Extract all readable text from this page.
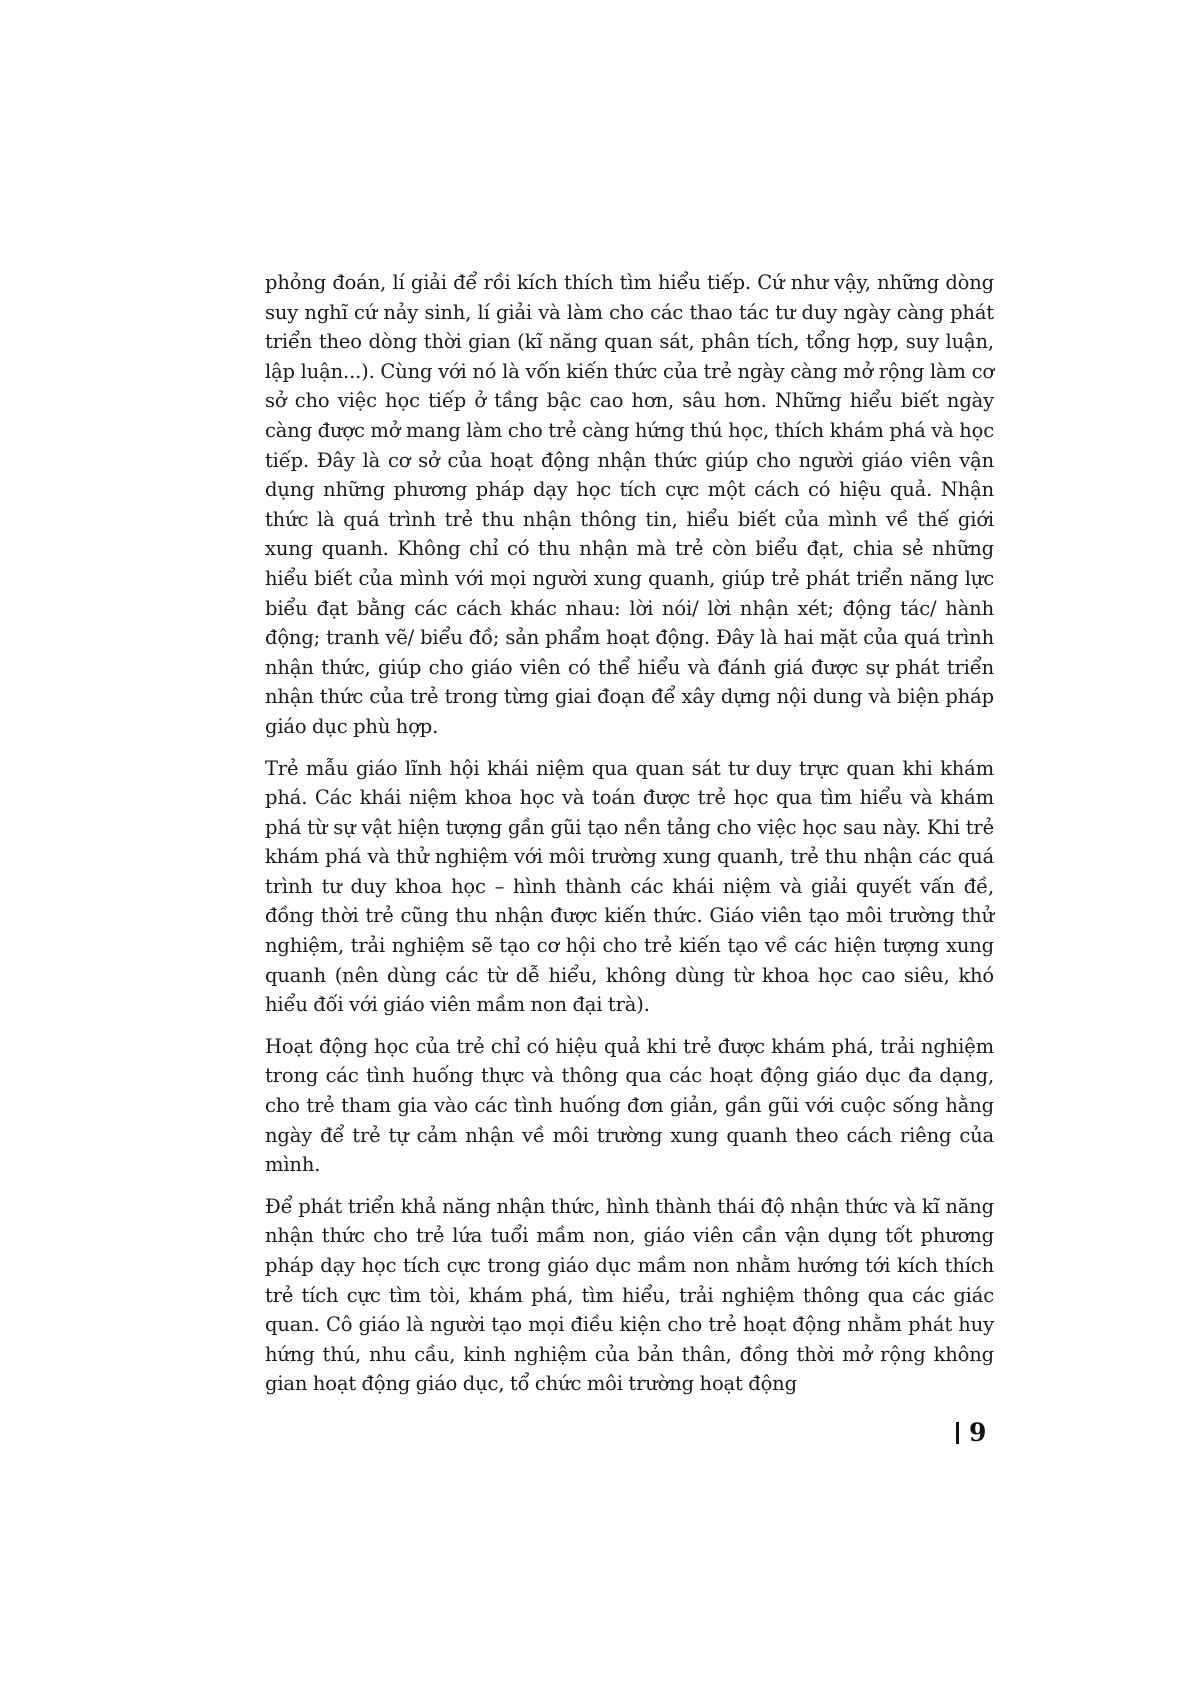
phỏng đoán, lí giải để rồi kích thích tìm hiểu tiếp. Cứ như vậy, những dòng suy nghĩ cứ nảy sinh, lí giải và làm cho các thao tác tư duy ngày càng phát triển theo dòng thời gian (kĩ năng quan sát, phân tích, tổng hợp, suy luận, lập luận...). Cùng với nó là vốn kiến thức của trẻ ngày càng mở rộng làm cơ sở cho việc học tiếp ở tầng bậc cao hơn, sâu hơn. Những hiểu biết ngày càng được mở mang làm cho trẻ càng hứng thú học, thích khám phá và học tiếp. Đây là cơ sở của hoạt động nhận thức giúp cho người giáo viên vận dụng những phương pháp dạy học tích cực một cách có hiệu quả. Nhận thức là quá trình trẻ thu nhận thông tin, hiểu biết của mình về thế giới xung quanh. Không chỉ có thu nhận mà trẻ còn biểu đạt, chia sẻ những hiểu biết của mình với mọi người xung quanh, giúp trẻ phát triển năng lực biểu đạt bằng các cách khác nhau: lời nói/ lời nhận xét; động tác/ hành động; tranh vẽ/ biểu đồ; sản phẩm hoạt động. Đây là hai mặt của quá trình nhận thức, giúp cho giáo viên có thể hiểu và đánh giá được sự phát triển nhận thức của trẻ trong từng giai đoạn để xây dựng nội dung và biện pháp giáo dục phù hợp.

Trẻ mẫu giáo lĩnh hội khái niệm qua quan sát tư duy trực quan khi khám phá. Các khái niệm khoa học và toán được trẻ học qua tìm hiểu và khám phá từ sự vật hiện tượng gần gũi tạo nền tảng cho việc học sau này. Khi trẻ khám phá và thử nghiệm với môi trường xung quanh, trẻ thu nhận các quá trình tư duy khoa học – hình thành các khái niệm và giải quyết vấn đề, đồng thời trẻ cũng thu nhận được kiến thức. Giáo viên tạo môi trường thử nghiệm, trải nghiệm sẽ tạo cơ hội cho trẻ kiến tạo về các hiện tượng xung quanh (nên dùng các từ dễ hiểu, không dùng từ khoa học cao siêu, khó hiểu đối với giáo viên mầm non đại trà).

Hoạt động học của trẻ chỉ có hiệu quả khi trẻ được khám phá, trải nghiệm trong các tình huống thực và thông qua các hoạt động giáo dục đa dạng, cho trẻ tham gia vào các tình huống đơn giản, gần gũi với cuộc sống hằng ngày để trẻ tự cảm nhận về môi trường xung quanh theo cách riêng của mình.

Để phát triển khả năng nhận thức, hình thành thái độ nhận thức và kĩ năng nhận thức cho trẻ lứa tuổi mầm non, giáo viên cần vận dụng tốt phương pháp dạy học tích cực trong giáo dục mầm non nhằm hướng tới kích thích trẻ tích cực tìm tòi, khám phá, tìm hiểu, trải nghiệm thông qua các giác quan. Cô giáo là người tạo mọi điều kiện cho trẻ hoạt động nhằm phát huy hứng thú, nhu cầu, kinh nghiệm của bản thân, đồng thời mở rộng không gian hoạt động giáo dục, tổ chức môi trường hoạt động

9
